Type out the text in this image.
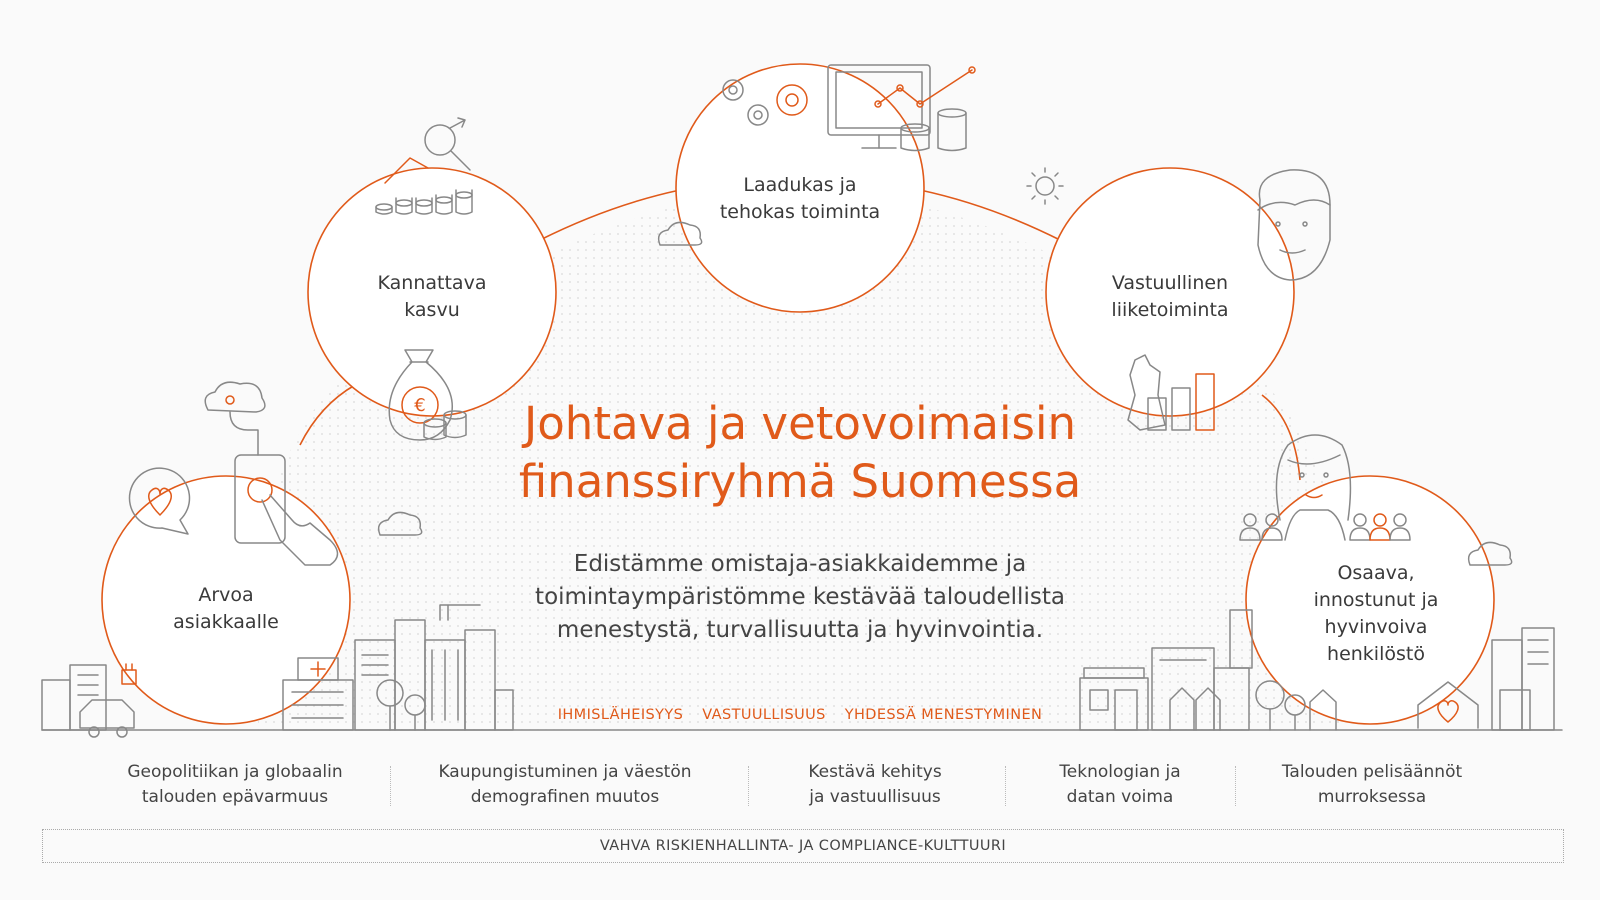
€
Arvoa
asiakkaalle
Kannattava
kasvu
Laadukas ja
tehokas toiminta
Vastuullinen
liiketoiminta
Osaava,
innostunut ja
hyvinvoiva
henkilöstö
Johtava ja vetovoimaisin
finanssiryhmä Suomessa
Edistämme omistaja-asiakkaidemme ja
toimintaympäristömme kestävää taloudellista
menestystä, turvallisuutta ja hyvinvointia.
IHMISLÄHEISYYS VASTUULLISUUS YHDESSÄ MENESTYMINEN
Geopolitiikan ja globaalin
talouden epävarmuus
Kaupungistuminen ja väestön
demografinen muutos
Kestävä kehitys
ja vastuullisuus
Teknologian ja
datan voima
Talouden pelisäännöt
murroksessa
VAHVA RISKIENHALLINTA- JA COMPLIANCE-KULTTUURI
